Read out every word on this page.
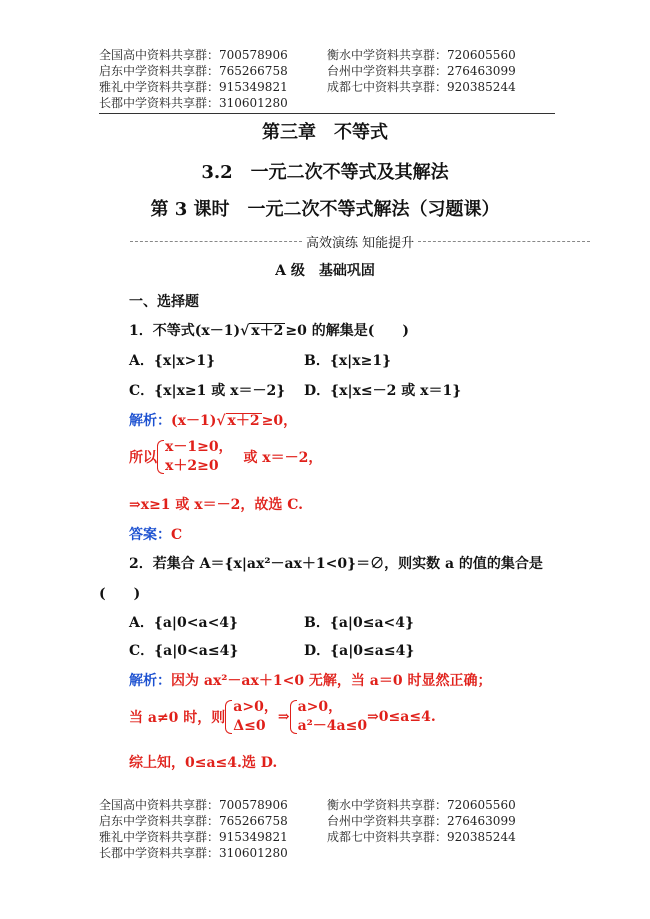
全国高中资料共享群：700578906	衡水中学资料共享群：720605560
启东中学资料共享群：765266758	台州中学资料共享群：276463099
雅礼中学资料共享群：915349821	成都七中资料共享群：920385244
长郡中学资料共享群：310601280
第三章　不等式
3.2　一元二次不等式及其解法
第 3 课时　一元二次不等式解法（习题课）
高效演练 知能提升
A 级　基础巩固
一、选择题
1．不等式(x－1)√ x＋2 ≥0 的解集是(　　)
A．{x|x>1}	B．{x|x≥1}
C．{x|x≥1 或 x＝－2} D．{x|x≤－2 或 x＝1}
解析：(x－1)√ x＋2 ≥0，
所以
x－1≥0，
x＋2≥0	或 x＝－2，
⇒x≥1 或 x＝－2，故选 C.
答案：C
2．若集合 A＝{x|ax²－ax＋1<0}＝∅，则实数 a 的值的集合是
(　　)
A．{a|0<a<4}	B．{a|0≤a<4}
C．{a|0<a≤4}	D．{a|0≤a≤4}
解析：因为 ax²－ax＋1<0 无解，当 a＝0 时显然正确；
当 a≠0 时，则
a>0，
Δ≤0
⇒
a>0，
a²－4a≤0
⇒0≤a≤4.
综上知，0≤a≤4.选 D.
全国高中资料共享群：700578906	衡水中学资料共享群：720605560
启东中学资料共享群：765266758	台州中学资料共享群：276463099
雅礼中学资料共享群：915349821	成都七中资料共享群：920385244
长郡中学资料共享群：310601280
